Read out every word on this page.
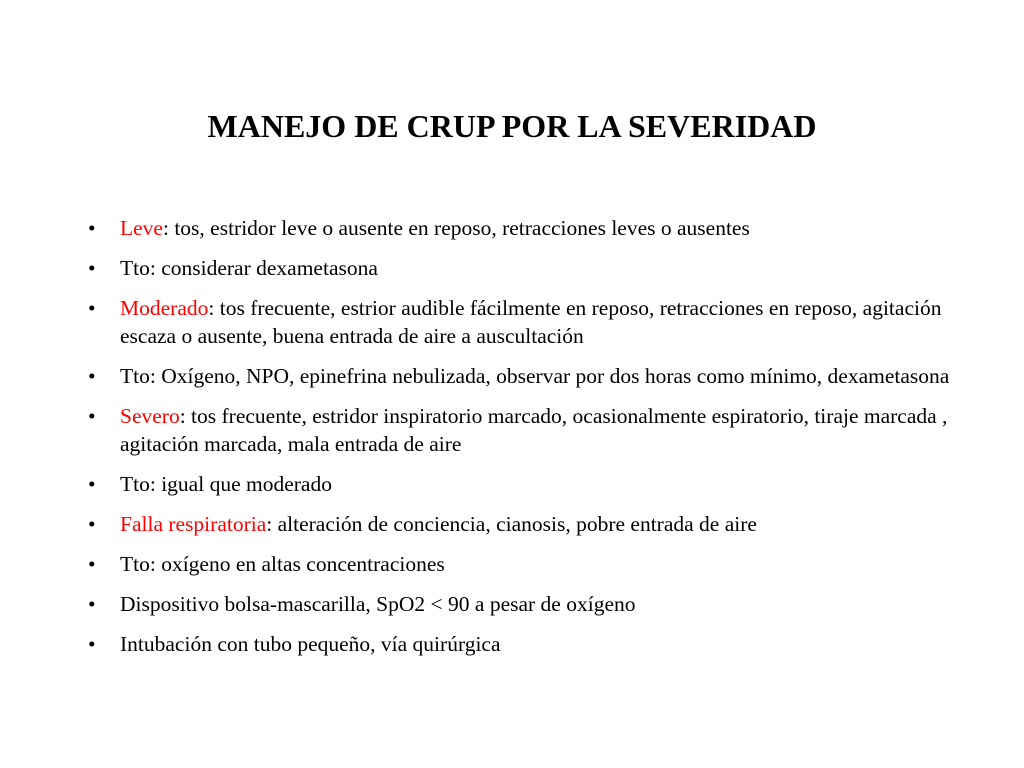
MANEJO DE CRUP POR LA SEVERIDAD
•	Leve: tos, estridor leve o ausente en reposo, retracciones leves o ausentes
•	Tto: considerar dexametasona
•	Moderado: tos frecuente, estrior audible fácilmente en reposo, retracciones en reposo, agitación escaza o ausente, buena entrada de aire a auscultación
•	Tto: Oxígeno, NPO, epinefrina nebulizada, observar por dos horas como mínimo, dexametasona
•	Severo: tos frecuente, estridor inspiratorio marcado, ocasionalmente espiratorio, tiraje marcada , agitación marcada, mala entrada de aire
•	Tto: igual que moderado
•	Falla respiratoria: alteración de conciencia, cianosis, pobre entrada de aire
•	Tto: oxígeno en altas concentraciones
•	Dispositivo bolsa-mascarilla, SpO2 < 90 a pesar de oxígeno
•	Intubación con tubo pequeño, vía quirúrgica
